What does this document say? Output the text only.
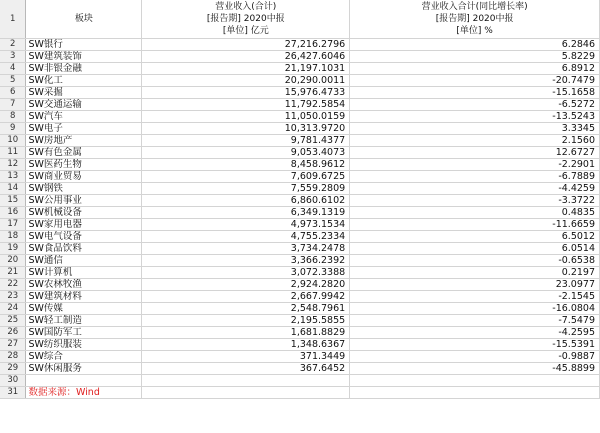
1	板块	营业收入(合计)
[报告期] 2020中报
[单位] 亿元	营业收入合计(同比增长率)
[报告期] 2020中报
[单位] %

2	SW银行	27,216.2796	6.2846
3	SW建筑装饰	26,427.6046	5.8229
4	SW非银金融	21,197.1031	6.8912
5	SW化工	20,290.0011	-20.7479
6	SW采掘	15,976.4733	-15.1658
7	SW交通运输	11,792.5854	-6.5272
8	SW汽车	11,050.0159	-13.5243
9	SW电子	10,313.9720	3.3345
10	SW房地产	9,781.4377	2.1560
11	SW有色金属	9,053.4073	12.6727
12	SW医药生物	8,458.9612	-2.2901
13	SW商业贸易	7,609.6725	-6.7889
14	SW钢铁	7,559.2809	-4.4259
15	SW公用事业	6,860.6102	-3.3722
16	SW机械设备	6,349.1319	0.4835
17	SW家用电器	4,973.1534	-11.6659
18	SW电气设备	4,755.2334	6.5012
19	SW食品饮料	3,734.2478	6.0514
20	SW通信	3,366.2392	-0.6538
21	SW计算机	3,072.3388	0.2197
22	SW农林牧渔	2,924.2820	23.0977
23	SW建筑材料	2,667.9942	-2.1545
24	SW传媒	2,548.7961	-16.0804
25	SW轻工制造	2,195.5855	-7.5479
26	SW国防军工	1,681.8829	-4.2595
27	SW纺织服装	1,348.6367	-15.5391
28	SW综合	371.3449	-0.9887
29	SW休闲服务	367.6452	-45.8899
30			
31	数据来源：Wind		
